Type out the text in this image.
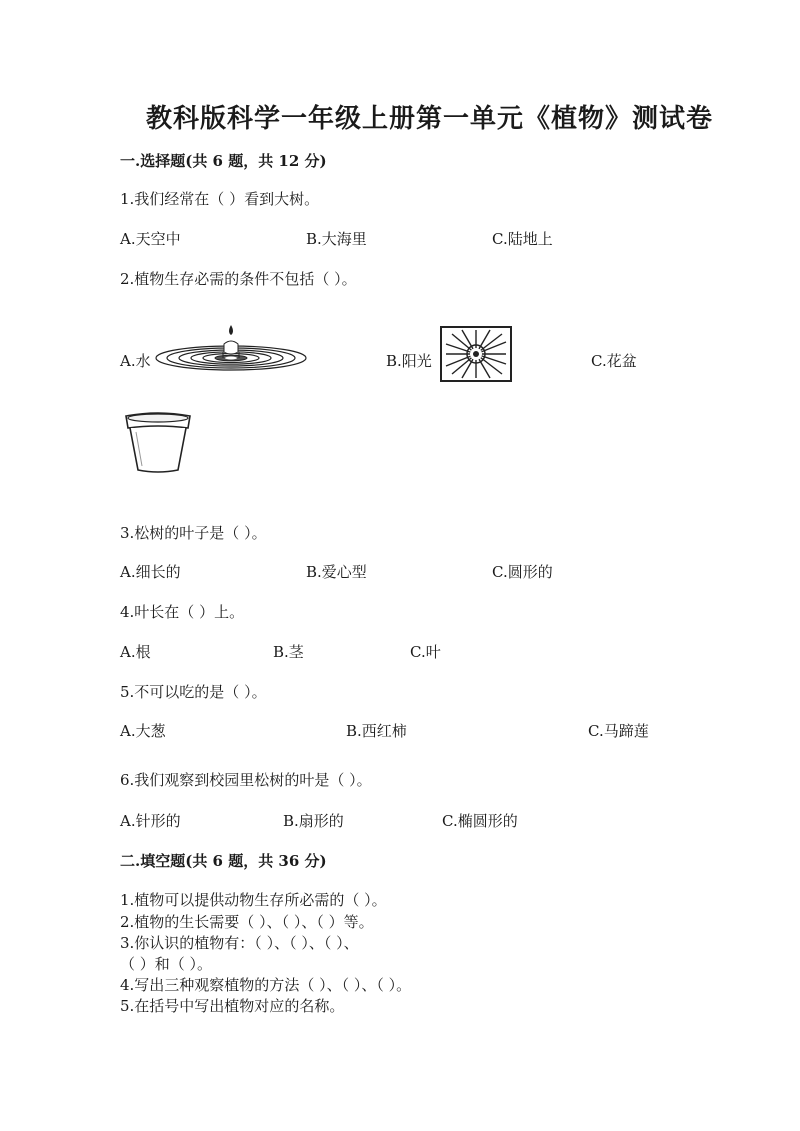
教科版科学一年级上册第一单元《植物》测试卷
一.选择题(共 6 题，共 12 分)
1.我们经常在（ ）看到大树。
A.天空中	B.大海里	C.陆地上
2.植物生存必需的条件不包括（ ）。
A.水	B.阳光	C.花盆
3.松树的叶子是（ ）。
A.细长的	B.爱心型	C.圆形的
4.叶长在（ ）上。
A.根	B.茎	C.叶
5.不可以吃的是（ ）。
A.大葱	B.西红柿	C.马蹄莲
6.我们观察到校园里松树的叶是（ ）。
A.针形的	B.扇形的	C.椭圆形的
二.填空题(共 6 题，共 36 分)
1.植物可以提供动物生存所必需的（ ）。
2.植物的生长需要（ ）、（ ）、（ ）等。
3.你认识的植物有：（ ）、（ ）、（ ）、
（ ）和（ ）。
4.写出三种观察植物的方法（ ）、（ ）、（ ）。
5.在括号中写出植物对应的名称。
